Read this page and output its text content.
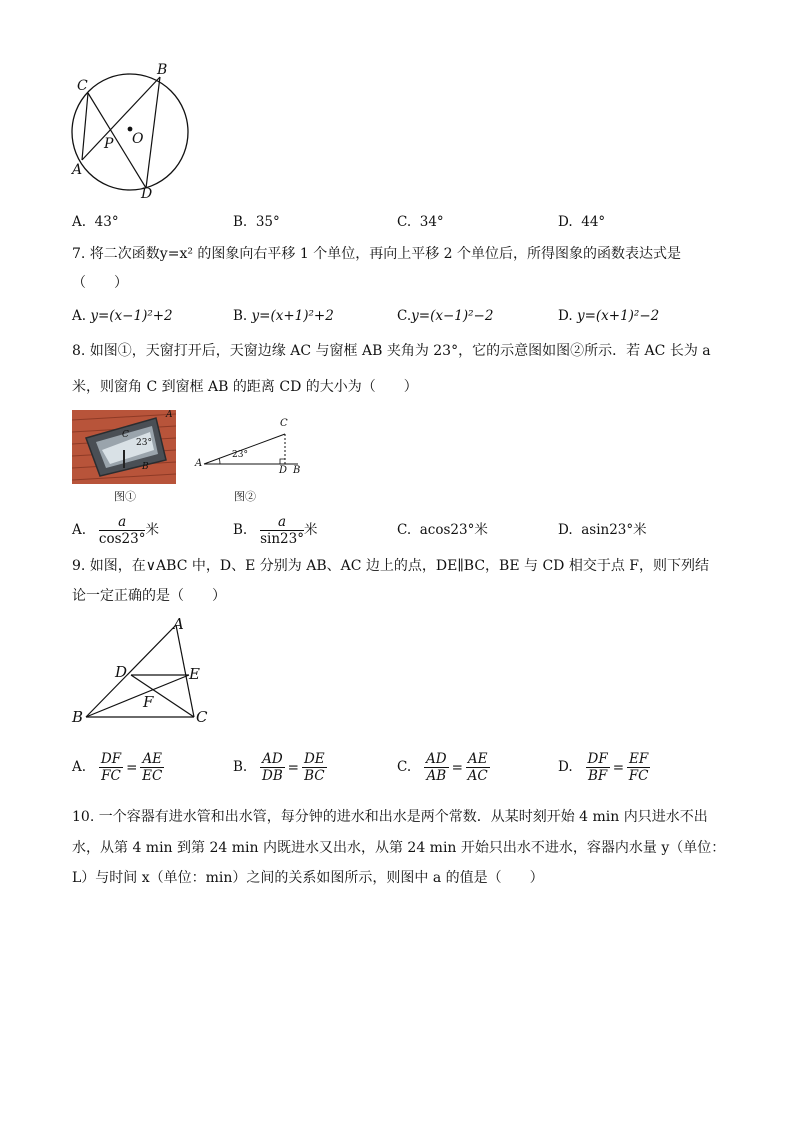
C
B
P O
A
D
A. 43°	B. 35°	C. 34°	D. 44°
7. 将二次函数y=x² 的图象向右平移 1 个单位，再向上平移 2 个单位后，所得图象的函数表达式是
（　　）
A. y=(x−1)²+2	B. y=(x+1)²+2	C.y=(x−1)²−2	D. y=(x+1)²−2
8. 如图①，天窗打开后，天窗边缘 AC 与窗框 AB 夹角为 23°，它的示意图如图②所示．若 AC 长为 a
米，则窗角 C 到窗框 AB 的距离 CD 的大小为（　　）
A
C
23°
B
图①
C
A
23°
D B
图②
A. $\frac{a}{\cos 23^\circ}$ 米	B. $\frac{a}{\sin 23^\circ}$ 米	C. acos23°米	D. asin23°米
9. 如图，在∨ABC 中，D、E 分别为 AB、AC 边上的点，DE∥BC，BE 与 CD 相交于点 F，则下列结
论一定正确的是（　　）
A
D	E
F
B	C
A. $\frac{DF}{FC} = \frac{AE}{EC}$	B. $\frac{AD}{DB} = \frac{DE}{BC}$	C. $\frac{AD}{AB} = \frac{AE}{AC}$	D. $\frac{DF}{BF} = \frac{EF}{FC}$
10. 一个容器有进水管和出水管，每分钟的进水和出水是两个常数．从某时刻开始 4 min 内只进水不出
水，从第 4 min 到第 24 min 内既进水又出水，从第 24 min 开始只出水不进水，容器内水量 y（单位：
L）与时间 x（单位：min）之间的关系如图所示，则图中 a 的值是（　　）
